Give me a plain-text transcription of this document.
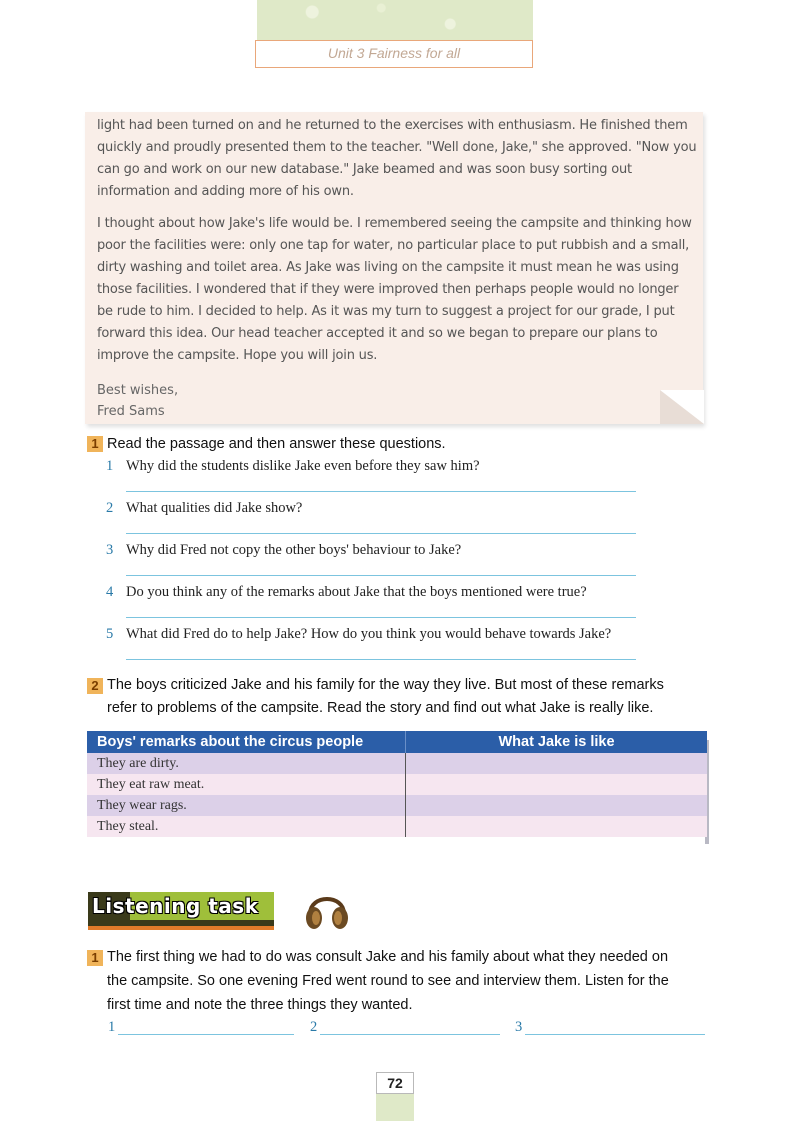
Unit 3 Fairness for all
light had been turned on and he returned to the exercises with enthusiasm. He finished them quickly and proudly presented them to the teacher. "Well done, Jake," she approved. "Now you can go and work on our new database." Jake beamed and was soon busy sorting out information and adding more of his own.
I thought about how Jake's life would be. I remembered seeing the campsite and thinking how poor the facilities were: only one tap for water, no particular place to put rubbish and a small, dirty washing and toilet area. As Jake was living on the campsite it must mean he was using those facilities. I wondered that if they were improved then perhaps people would no longer be rude to him. I decided to help. As it was my turn to suggest a project for our grade, I put forward this idea. Our head teacher accepted it and so we began to prepare our plans to improve the campsite. Hope you will join us.
Best wishes,
Fred Sams
1 Read the passage and then answer these questions.
1 Why did the students dislike Jake even before they saw him?
2 What qualities did Jake show?
3 Why did Fred not copy the other boys' behaviour to Jake?
4 Do you think any of the remarks about Jake that the boys mentioned were true?
5 What did Fred do to help Jake? How do you think you would behave towards Jake?
2 The boys criticized Jake and his family for the way they live. But most of these remarks
refer to problems of the campsite. Read the story and find out what Jake is really like.
Boys' remarks about the circus people	What Jake is like
They are dirty.	
They eat raw meat.	
They wear rags.	
They steal.	
Listening task
1 The first thing we had to do was consult Jake and his family about what they needed on
the campsite. So one evening Fred went round to see and interview them. Listen for the
first time and note the three things they wanted.
1	2	3
72
